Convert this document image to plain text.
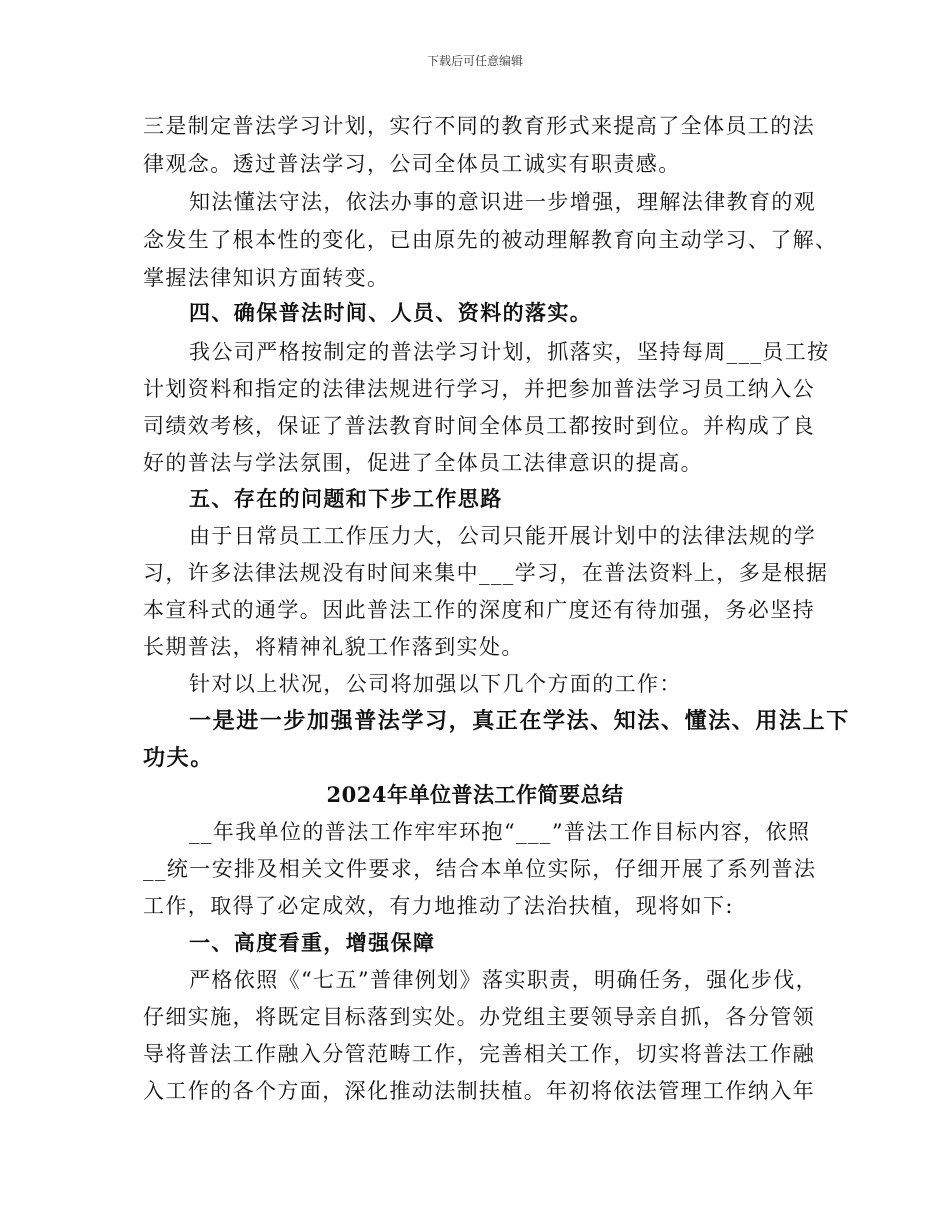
下载后可任意编辑
三是制定普法学习计划，实行不同的教育形式来提高了全体员工的法
律观念。透过普法学习，公司全体员工诚实有职责感。
知法懂法守法，依法办事的意识进一步增强，理解法律教育的观
念发生了根本性的变化，已由原先的被动理解教育向主动学习、了解、
掌握法律知识方面转变。
四、确保普法时间、人员、资料的落实。
我公司严格按制定的普法学习计划，抓落实，坚持每周___员工按
计划资料和指定的法律法规进行学习，并把参加普法学习员工纳入公
司绩效考核，保证了普法教育时间全体员工都按时到位。并构成了良
好的普法与学法氛围，促进了全体员工法律意识的提高。
五、存在的问题和下步工作思路
由于日常员工工作压力大，公司只能开展计划中的法律法规的学
习，许多法律法规没有时间来集中___学习，在普法资料上，多是根据
本宣科式的通学。因此普法工作的深度和广度还有待加强，务必坚持
长期普法，将精神礼貌工作落到实处。
针对以上状况，公司将加强以下几个方面的工作：
一是进一步加强普法学习，真正在学法、知法、懂法、用法上下
功夫。
2024年单位普法工作简要总结
__年我单位的普法工作牢牢环抱“___”普法工作目标内容，依照
__统一安排及相关文件要求，结合本单位实际，仔细开展了系列普法
工作，取得了必定成效，有力地推动了法治扶植，现将如下:
一、高度看重，增强保障
严格依照《“七五”普律例划》落实职责，明确任务，强化步伐，
仔细实施，将既定目标落到实处。办党组主要领导亲自抓，各分管领
导将普法工作融入分管范畴工作，完善相关工作，切实将普法工作融
入工作的各个方面，深化推动法制扶植。年初将依法管理工作纳入年
